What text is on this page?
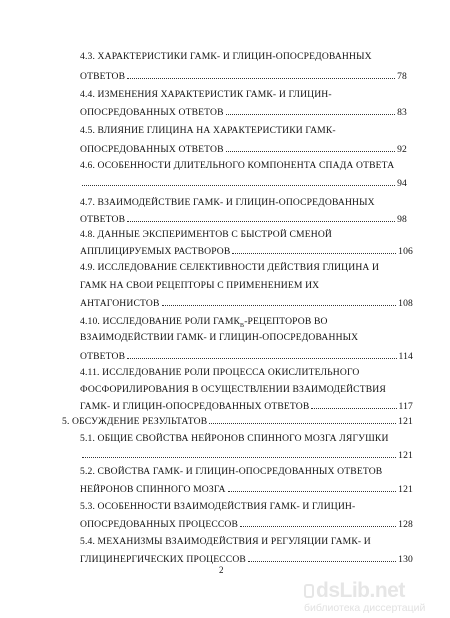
4.3. ХАРАКТЕРИСТИКИ ГАМК- И ГЛИЦИН-ОПОСРЕДОВАННЫХ
ОТВЕТОВ	78
4.4. ИЗМЕНЕНИЯ ХАРАКТЕРИСТИК ГАМК- И ГЛИЦИН-
ОПОСРЕДОВАННЫХ ОТВЕТОВ	83
4.5. ВЛИЯНИЕ ГЛИЦИНА НА ХАРАКТЕРИСТИКИ ГАМК-
ОПОСРЕДОВАННЫХ ОТВЕТОВ	92
4.6. ОСОБЕННОСТИ ДЛИТЕЛЬНОГО КОМПОНЕНТА СПАДА ОТВЕТА
94
4.7. ВЗАИМОДЕЙСТВИЕ ГАМК- И ГЛИЦИН-ОПОСРЕДОВАННЫХ
ОТВЕТОВ	98
4.8. ДАННЫЕ ЭКСПЕРИМЕНТОВ С БЫСТРОЙ СМЕНОЙ
АППЛИЦИРУЕМЫХ РАСТВОРОВ	106
4.9. ИССЛЕДОВАНИЕ СЕЛЕКТИВНОСТИ ДЕЙСТВИЯ ГЛИЦИНА И
ГАМК НА СВОИ РЕЦЕПТОРЫ С ПРИМЕНЕНИЕМ ИХ
АНТАГОНИСТОВ	108
4.10. ИССЛЕДОВАНИЕ РОЛИ $ГАМК_B$-РЕЦЕПТОРОВ ВО
ВЗАИМОДЕЙСТВИИ ГАМК- И ГЛИЦИН-ОПОСРЕДОВАННЫХ
ОТВЕТОВ	114
4.11. ИССЛЕДОВАНИЕ РОЛИ ПРОЦЕССА ОКИСЛИТЕЛЬНОГО
ФОСФОРИЛИРОВАНИЯ В ОСУЩЕСТВЛЕНИИ ВЗАИМОДЕЙСТВИЯ
ГАМК- И ГЛИЦИН-ОПОСРЕДОВАННЫХ ОТВЕТОВ	117
5. ОБСУЖДЕНИЕ РЕЗУЛЬТАТОВ	121
5.1. ОБЩИЕ СВОЙСТВА НЕЙРОНОВ СПИННОГО МОЗГА ЛЯГУШКИ
121
5.2. СВОЙСТВА ГАМК- И ГЛИЦИН-ОПОСРЕДОВАННЫХ ОТВЕТОВ
НЕЙРОНОВ СПИННОГО МОЗГА	121
5.3. ОСОБЕННОСТИ ВЗАИМОДЕЙСТВИЯ ГАМК- И ГЛИЦИН-
ОПОСРЕДОВАННЫХ ПРОЦЕССОВ	128
5.4. МЕХАНИЗМЫ ВЗАИМОДЕЙСТВИЯ И РЕГУЛЯЦИИ ГАМК- И
ГЛИЦИНЕРГИЧЕСКИХ ПРОЦЕССОВ	130
2
dsLib.net
библиотека диссертаций
